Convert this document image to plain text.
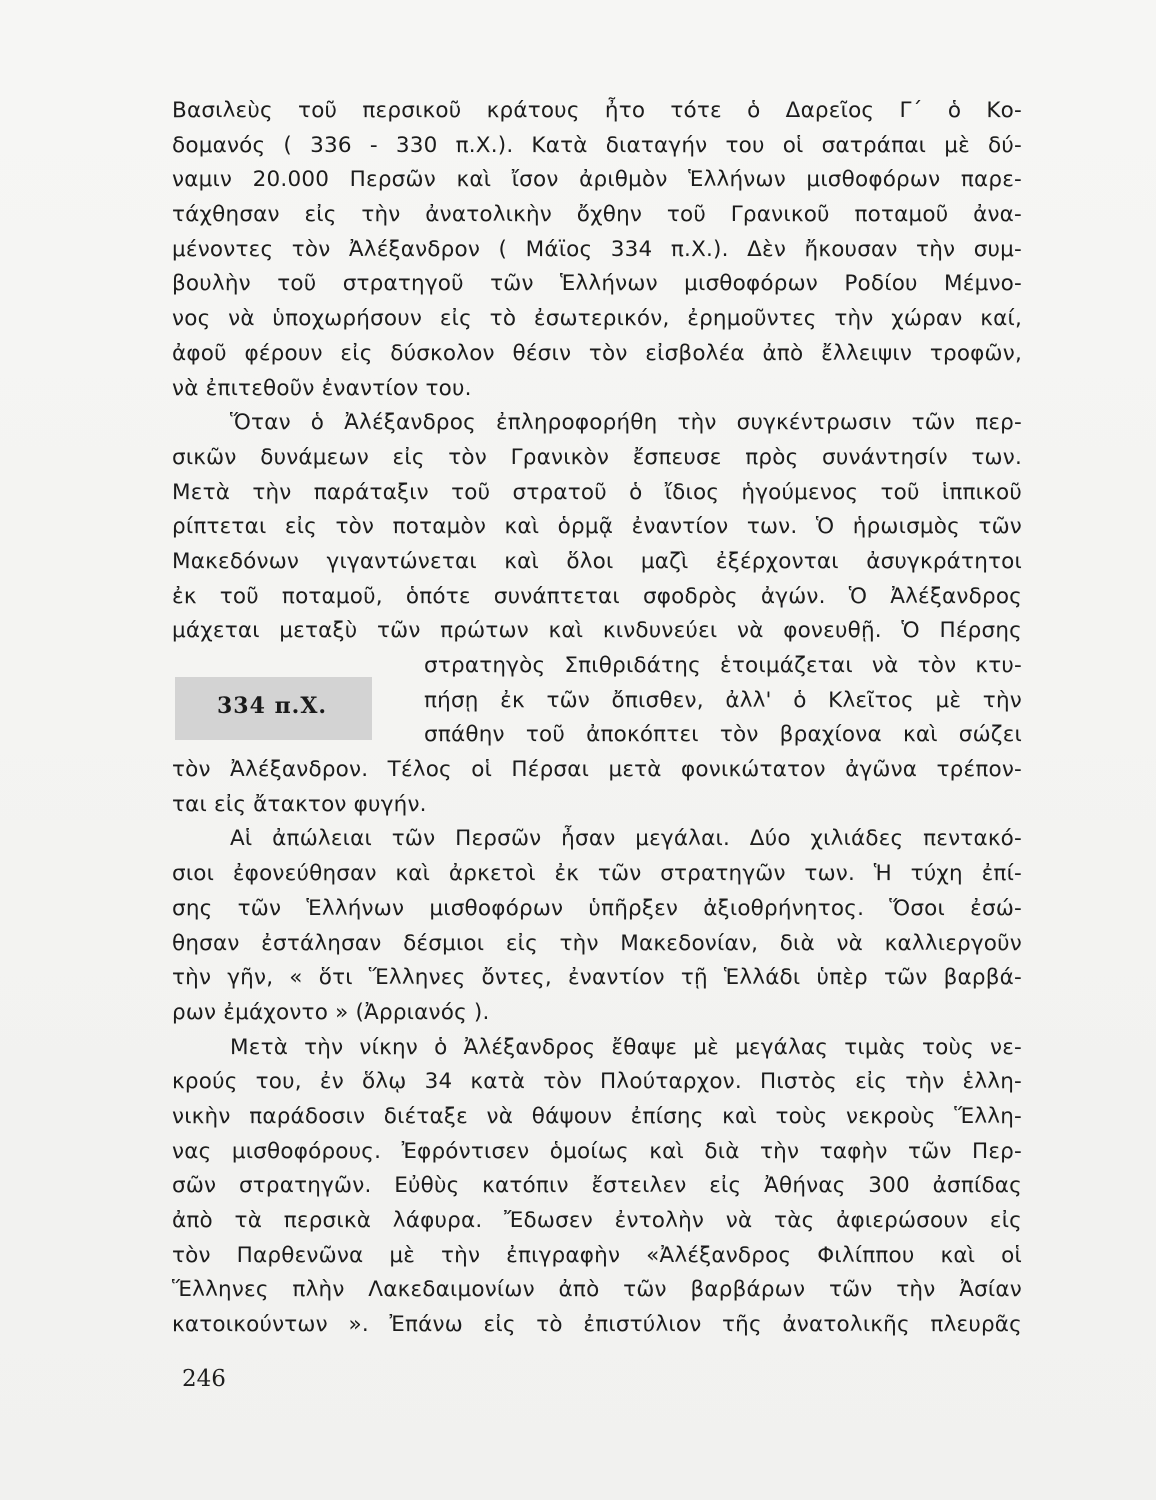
Βασιλεὺς τοῦ περσικοῦ κράτους ἦτο τότε ὁ Δαρεῖος Γ΄ ὁ Κο-
δομανός ( 336 - 330 π.Χ.). Κατὰ διαταγήν του οἱ σατράπαι μὲ δύ-
ναμιν 20.000 Περσῶν καὶ ἴσον ἀριθμὸν Ἑλλήνων μισθοφόρων παρε-
τάχθησαν εἰς τὴν ἀνατολικὴν ὄχθην τοῦ Γρανικοῦ ποταμοῦ ἀνα-
μένοντες τὸν Ἀλέξανδρον ( Μάϊος 334 π.Χ.). Δὲν ἤκουσαν τὴν συμ-
βουλὴν τοῦ στρατηγοῦ τῶν Ἑλλήνων μισθοφόρων Ροδίου Μέμνο-
νος νὰ ὑποχωρήσουν εἰς τὸ ἐσωτερικόν, ἐρημοῦντες τὴν χώραν καί,
ἀφοῦ φέρουν εἰς δύσκολον θέσιν τὸν εἰσβολέα ἀπὸ ἔλλειψιν τροφῶν,
νὰ ἐπιτεθοῦν ἐναντίον του.
Ὅταν ὁ Ἀλέξανδρος ἐπληροφορήθη τὴν συγκέντρωσιν τῶν περ-
σικῶν δυνάμεων εἰς τὸν Γρανικὸν ἔσπευσε πρὸς συνάντησίν των.
Μετὰ τὴν παράταξιν τοῦ στρατοῦ ὁ ἴδιος ἡγούμενος τοῦ ἱππικοῦ
ρίπτεται εἰς τὸν ποταμὸν καὶ ὁρμᾷ ἐναντίον των. Ὁ ἡρωισμὸς τῶν
Μακεδόνων γιγαντώνεται καὶ ὅλοι μαζὶ ἐξέρχονται ἀσυγκράτητοι
ἐκ τοῦ ποταμοῦ, ὁπότε συνάπτεται σφοδρὸς ἀγών. Ὁ Ἀλέξανδρος
μάχεται μεταξὺ τῶν πρώτων καὶ κινδυνεύει νὰ φονευθῇ. Ὁ Πέρσης
στρατηγὸς Σπιθριδάτης ἑτοιμάζεται νὰ τὸν κτυ-
πήσῃ ἐκ τῶν ὄπισθεν, ἀλλ' ὁ Κλεῖτος μὲ τὴν
σπάθην τοῦ ἀποκόπτει τὸν βραχίονα καὶ σώζει
τὸν Ἀλέξανδρον. Τέλος οἱ Πέρσαι μετὰ φονικώτατον ἀγῶνα τρέπον-
ται εἰς ἄτακτον φυγήν.
Αἱ ἀπώλειαι τῶν Περσῶν ἦσαν μεγάλαι. Δύο χιλιάδες πεντακό-
σιοι ἐφονεύθησαν καὶ ἀρκετοὶ ἐκ τῶν στρατηγῶν των. Ἡ τύχη ἐπί-
σης τῶν Ἑλλήνων μισθοφόρων ὑπῆρξεν ἀξιοθρήνητος. Ὅσοι ἐσώ-
θησαν ἐστάλησαν δέσμιοι εἰς τὴν Μακεδονίαν, διὰ νὰ καλλιεργοῦν
τὴν γῆν, « ὅτι Ἕλληνες ὄντες, ἐναντίον τῇ Ἑλλάδι ὑπὲρ τῶν βαρβά-
ρων ἐμάχοντο » (Ἀρριανός ).
Μετὰ τὴν νίκην ὁ Ἀλέξανδρος ἔθαψε μὲ μεγάλας τιμὰς τοὺς νε-
κρούς του, ἐν ὅλῳ 34 κατὰ τὸν Πλούταρχον. Πιστὸς εἰς τὴν ἑλλη-
νικὴν παράδοσιν διέταξε νὰ θάψουν ἐπίσης καὶ τοὺς νεκροὺς Ἕλλη-
νας μισθοφόρους. Ἐφρόντισεν ὁμοίως καὶ διὰ τὴν ταφὴν τῶν Περ-
σῶν στρατηγῶν. Εὐθὺς κατόπιν ἔστειλεν εἰς Ἀθήνας 300 ἀσπίδας
ἀπὸ τὰ περσικὰ λάφυρα. Ἔδωσεν ἐντολὴν νὰ τὰς ἀφιερώσουν εἰς
τὸν Παρθενῶνα μὲ τὴν ἐπιγραφὴν «Ἀλέξανδρος Φιλίππου καὶ οἱ
Ἕλληνες πλὴν Λακεδαιμονίων ἀπὸ τῶν βαρβάρων τῶν τὴν Ἀσίαν
κατοικούντων ». Ἐπάνω εἰς τὸ ἐπιστύλιον τῆς ἀνατολικῆς πλευρᾶς
334 π.Χ.
246
